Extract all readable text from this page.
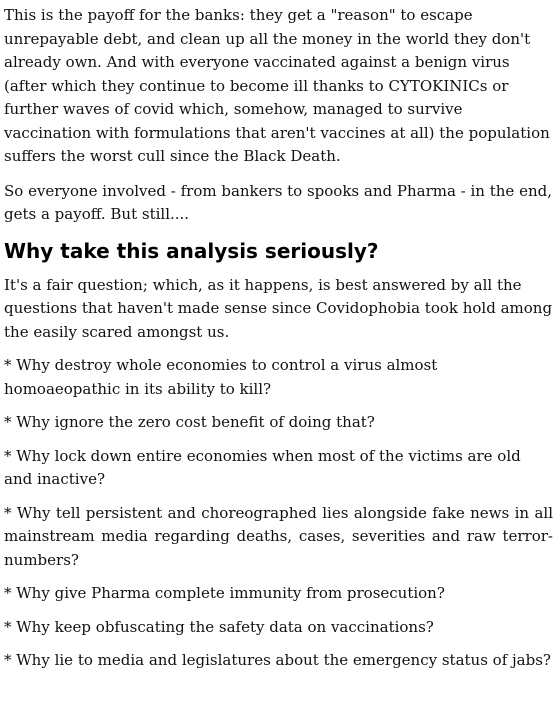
This is the payoff for the banks: they get a "reason" to escape unrepayable debt, and clean up all the money in the world they don't already own. And with everyone vaccinated against a benign virus (after which they continue to become ill thanks to CYTOKINICs or further waves of covid which, somehow, managed to survive vaccination with formulations that aren't vaccines at all) the population suffers the worst cull since the Black Death.

So everyone involved - from bankers to spooks and Pharma - in the end, gets a payoff. But still....

Why take this analysis seriously?

It's a fair question; which, as it happens, is best answered by all the questions that haven't made sense since Covidophobia took hold among the easily scared amongst us.

* Why destroy whole economies to control a virus almost homoaeopathic in its ability to kill?

* Why ignore the zero cost benefit of doing that?

* Why lock down entire economies when most of the victims are old and inactive?

* Why tell persistent and choreographed lies alongside fake news in all mainstream media regarding deaths, cases, severities and raw terror-numbers?

* Why give Pharma complete immunity from prosecution?

* Why keep obfuscating the safety data on vaccinations?

* Why lie to media and legislatures about the emergency status of jabs?
